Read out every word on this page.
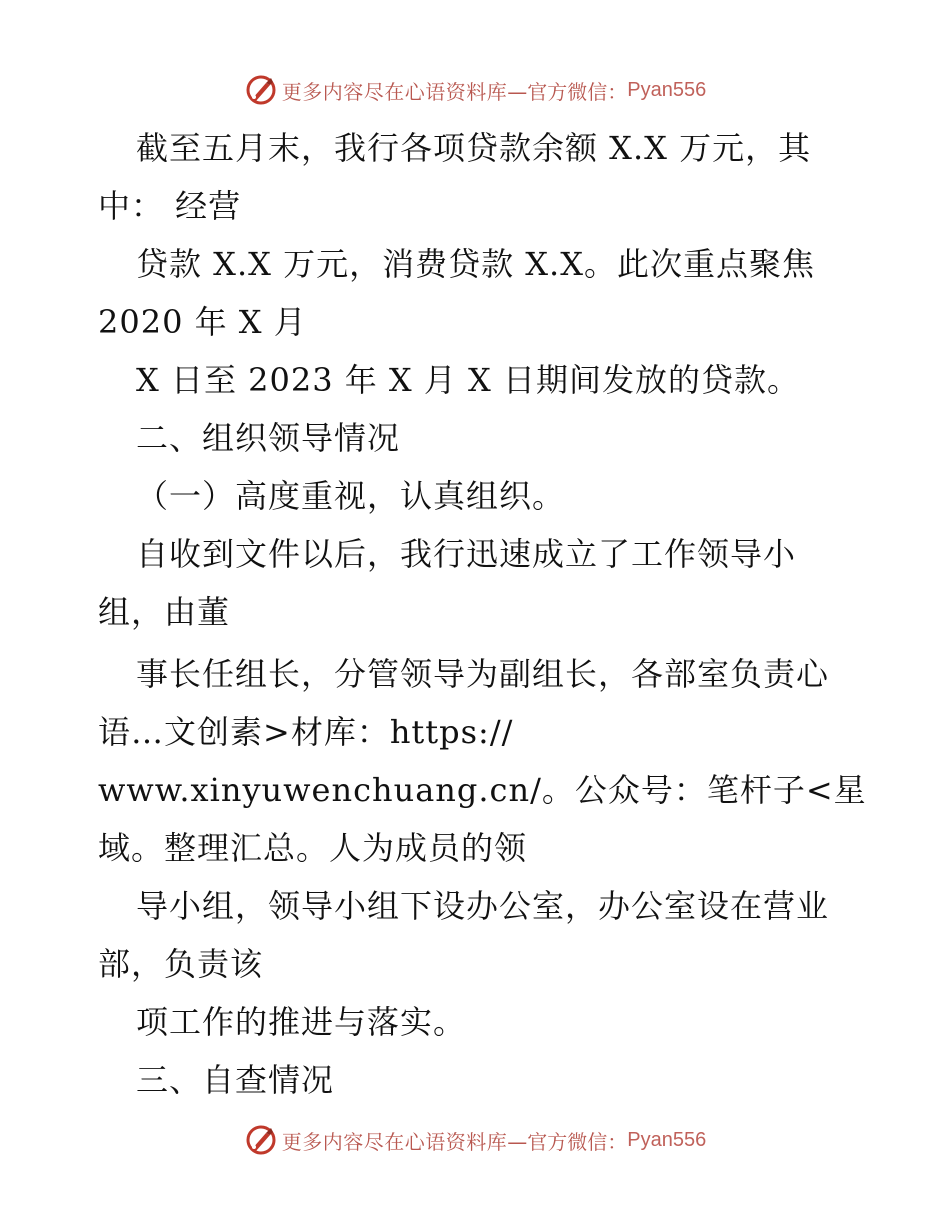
更多内容尽在心语资料库 —官方微信： Pyan556
截至五月末，我行各项贷款余额 X.X 万元，其
中： 经营
贷款 X.X 万元，消费贷款 X.X。此次重点聚焦
2020 年 X 月
X 日至 2023 年 X 月 X 日期间发放的贷款。
二、组织领导情况
（一）高度重视，认真组织。
自收到文件以后，我行迅速成立了工作领导小
组，由董
事长任组长，分管领导为副组长，各部室负责心
语…文创素>材库：https://
www.xinyuwenchuang.cn/。公众号：笔杆子<星
域。整理汇总。人为成员的领
导小组，领导小组下设办公室，办公室设在营业
部，负责该
项工作的推进与落实。
三、自查情况
更多内容尽在心语资料库 —官方微信： Pyan556
